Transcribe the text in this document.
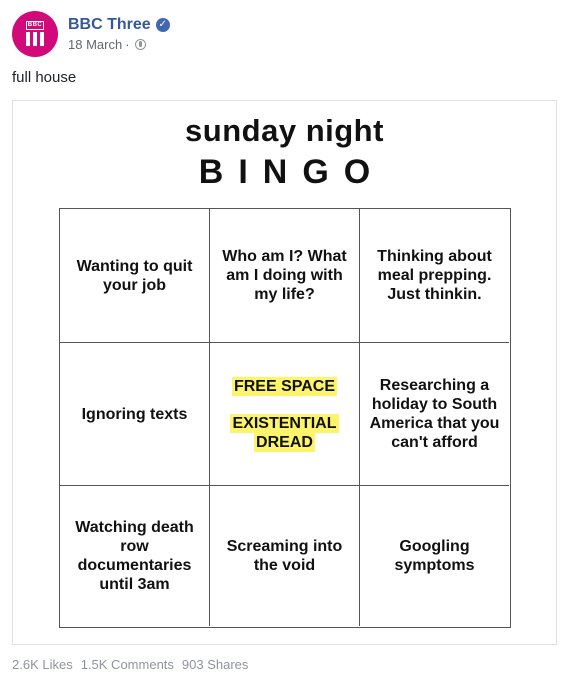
BBC BBC Three ✓
18 March ·
full house
sunday night
BINGO
Wanting to quit your job
Who am I? What am I doing with my life?
Thinking about meal prepping. Just thinkin.
Ignoring texts
FREE SPACE
EXISTENTIAL
DREAD
Researching a holiday to South America that you can't afford
Watching death row documentaries until 3am
Screaming into the void
Googling symptoms
2.6K Likes 1.5K Comments 903 Shares
